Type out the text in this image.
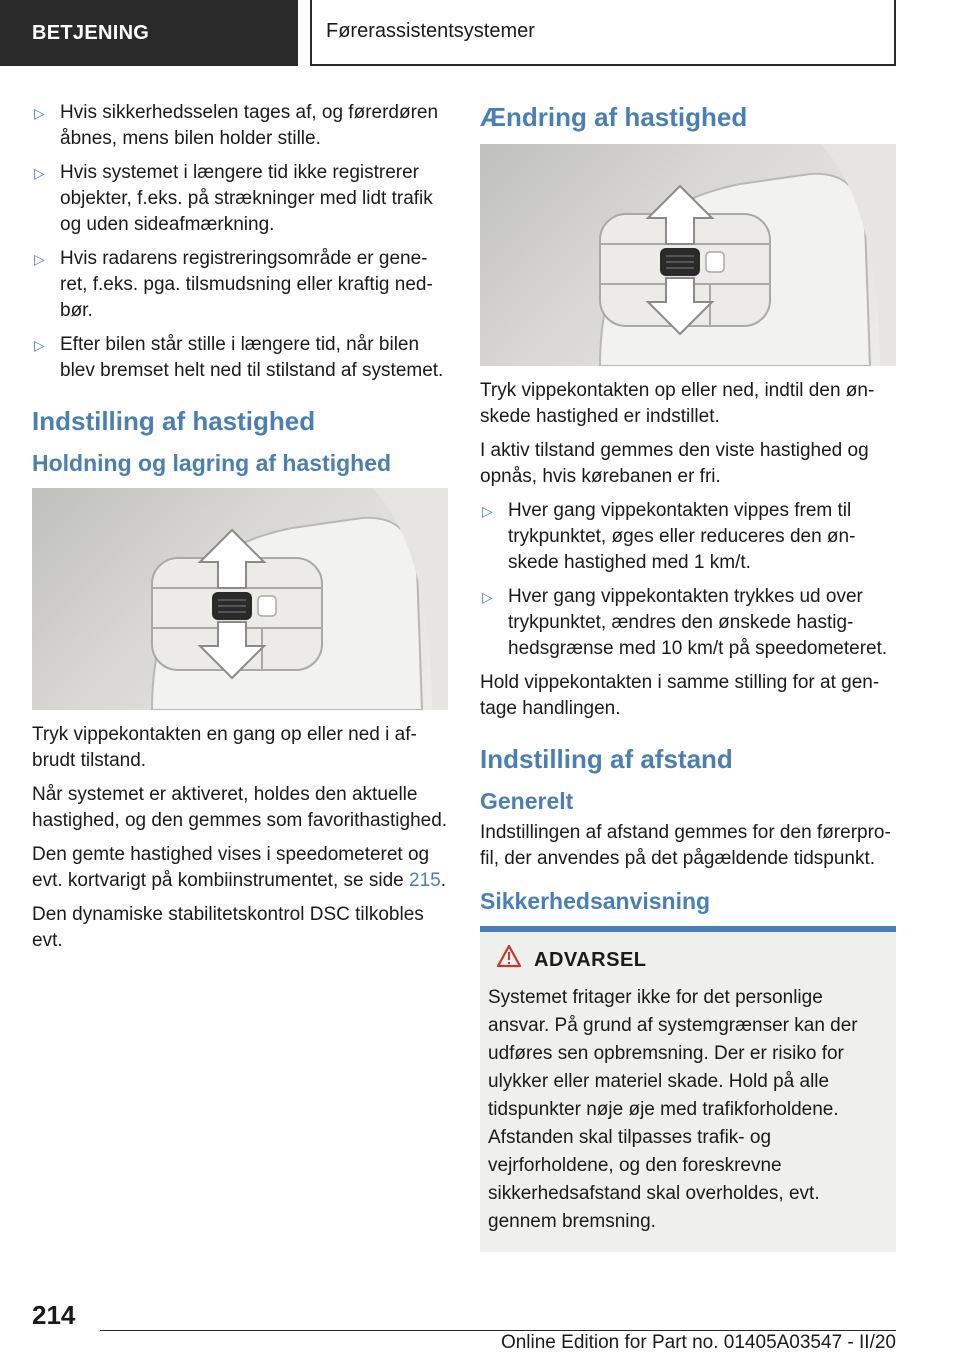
BETJENING	Førerassistentsystemer
▷ Hvis sikkerhedsselen tages af, og førerdøren åbnes, mens bilen holder stille.
▷ Hvis systemet i længere tid ikke registrerer objekter, f.eks. på strækninger med lidt trafik og uden sideafmærkning.
▷ Hvis radarens registreringsområde er generet, f.eks. pga. tilsmudsning eller kraftig nedbør.
▷ Efter bilen står stille i længere tid, når bilen blev bremset helt ned til stilstand af systemet.
Indstilling af hastighed
Holdning og lagring af hastighed

Tryk vippekontakten en gang op eller ned i afbrudt tilstand.

Når systemet er aktiveret, holdes den aktuelle hastighed, og den gemmes som favorithastighed.

Den gemte hastighed vises i speedometeret og evt. kortvarigt på kombiinstrumentet, se side 215.

Den dynamiske stabilitetskontrol DSC tilkobles evt.

Ændring af hastighed

Tryk vippekontakten op eller ned, indtil den ønskede hastighed er indstillet.

I aktiv tilstand gemmes den viste hastighed og opnås, hvis kørebanen er fri.

▷ Hver gang vippekontakten vippes frem til trykpunktet, øges eller reduceres den ønskede hastighed med 1 km/t.
▷ Hver gang vippekontakten trykkes ud over trykpunktet, ændres den ønskede hastighedsgrænse med 10 km/t på speedometeret.

Hold vippekontakten i samme stilling for at gentage handlingen.

Indstilling af afstand
Generelt

Indstillingen af afstand gemmes for den førerprofil, der anvendes på det pågældende tidspunkt.

Sikkerhedsanvisning
ADVARSEL
Systemet fritager ikke for det personlige ansvar. På grund af systemgrænser kan der udføres sen opbremsning. Der er risiko for ulykker eller materiel skade. Hold på alle tidspunkter nøje øje med trafikforholdene. Afstanden skal tilpasses trafik- og vejrforholdene, og den foreskrevne sikkerhedsafstand skal overholdes, evt. gennem bremsning.
214
Online Edition for Part no. 01405A03547 - II/20
